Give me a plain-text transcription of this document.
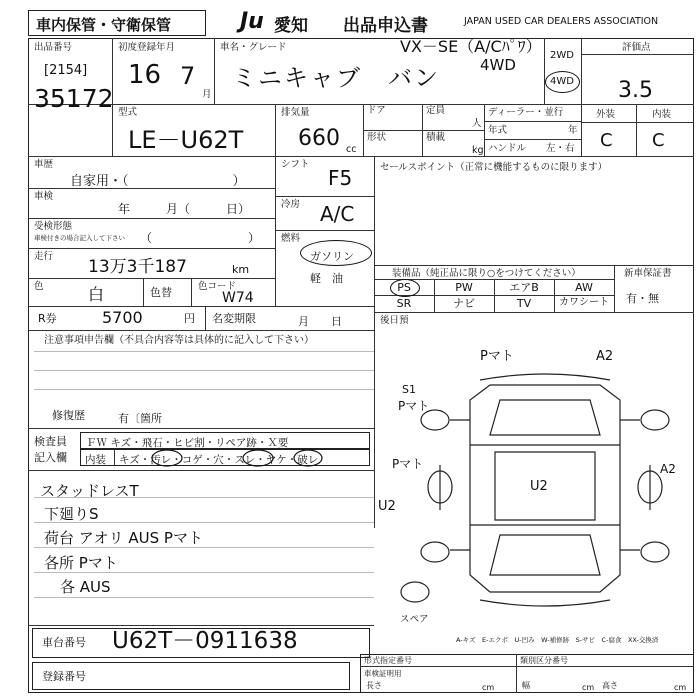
車内保管・守衛保管	Ju 愛知 出品申込書	JAPAN USED CAR DEALERS ASSOCIATION
出品番号
[2154]
35172
初度登録年月
16 7
月
車名・グレード	VX－SE（A/Cﾊﾟﾜ）
4WD
ミニキャブ　バン
2WD
4WD
評価点
3.5
外装	内装
C C
型式
LE－U62T
排気量
660 cc
ドア
形状
定員
人
積載
kg
ディーラー・並行
年式	年
ハンドル 左・右
車歴
自家用・（　　　　　　　　）
車検
年　　　月（　　　日）
受検形態
車検付きの場合記入して下さい （　　　　　　　　）
走行
13万3千187	km
色	白	色替	色コード
W74
シフト
F5
冷房 A/C
燃料
ガソリン
軽　油
セールスポイント（正常に機能するものに限ります）
装備品（純正品に限り○をつけてください）
PS	PW	エアB	AW
SR	ナビ	TV	カワシート
新車保証書
有・無
R券	5700	円 名変期限	月　　日	後日預
注意事項申告欄（不具合内容等は具体的に記入して下さい）
修復歴	有〔箇所
検査員
記入欄
ＦＷ キズ・飛石・ヒビ割・リペア跡・Ｘ要
内装 キズ・汚レ・コゲ・穴・スレ・ヤケ・破レ
スタッドレスT
下廻りS
荷台 アオリ AUS Pマト
各所 Pマト
各 AUS
Pマト	A2
S1
Pマト
Pマト	A2
U2
U2
スペア
A-キズ　E-エクボ　U-凹み　W-補修跡　S-サビ　C-腐食　XX-交換済
車台番号 U62T－0911638
登録番号
形式指定番号	類別区分番号
車検証明用
長さ	cm	幅	cm 高さ	cm
